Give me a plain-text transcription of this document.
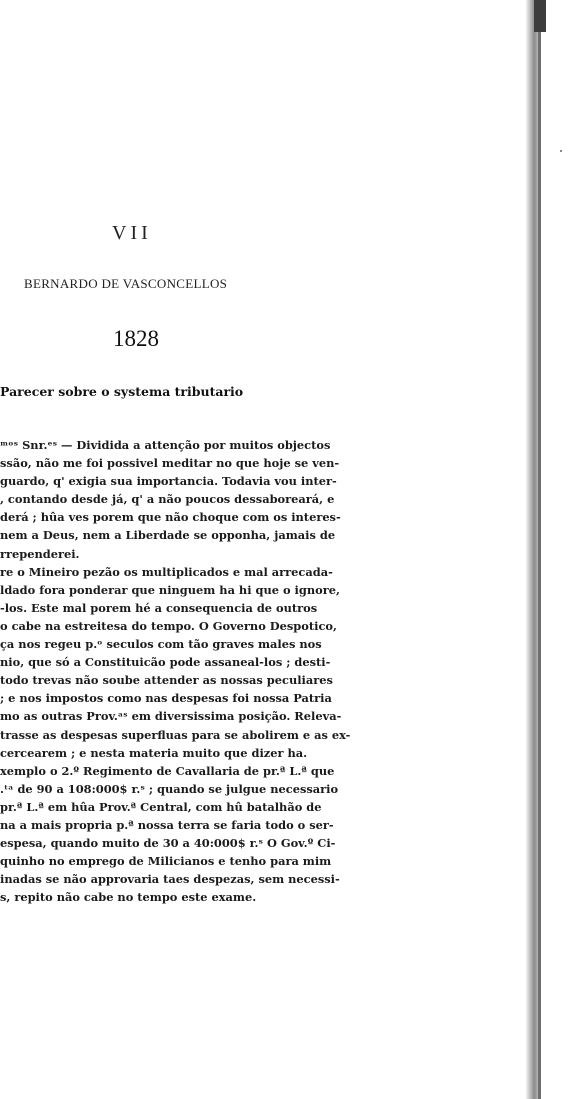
VII
BERNARDO DE VASCONCELLOS
1828
Parecer sobre o systema tributario
ᵐᵒˢ Snr.ᵉˢ — Dividida a attenção por muitos objectos
ssão, não me foi possivel meditar no que hoje se ven-
guardo, q' exigia sua importancia. Todavia vou inter-
, contando desde já, q' a não poucos dessaboreará, e
derá ; hûa ves porem que não choque com os interes-
nem a Deus, nem a Liberdade se opponha, jamais de
rrependerei.
re o Mineiro pezão os multiplicados e mal arrecada-
ldado fora ponderar que ninguem ha hi que o ignore,
-los. Este mal porem hé a consequencia de outros
o cabe na estreitesa do tempo. O Governo Despotico,
ça nos regeu p.ᵒ seculos com tão graves males nos
nio, que só a Constituicão pode assaneal-los ; desti-
todo trevas não soube attender as nossas peculiares
; e nos impostos como nas despesas foi nossa Patria
mo as outras Prov.ᵃˢ em diversissima posição. Releva-
trasse as despesas superfluas para se abolirem e as ex-
cercearem ; e nesta materia muito que dizer ha.
xemplo o 2.º Regimento de Cavallaria de pr.ª L.ª que
.ᵗᵃ de 90 a 108:000$ r.ˢ ; quando se julgue necessario
pr.ª L.ª em hûa Prov.ª Central, com hû batalhão de
na a mais propria p.ª nossa terra se faria todo o ser-
espesa, quando muito de 30 a 40:000$ r.ˢ O Gov.º Ci-
quinho no emprego de Milicianos e tenho para mim
inadas se não approvaria taes despezas, sem necessi-
s, repito não cabe no tempo este exame.
